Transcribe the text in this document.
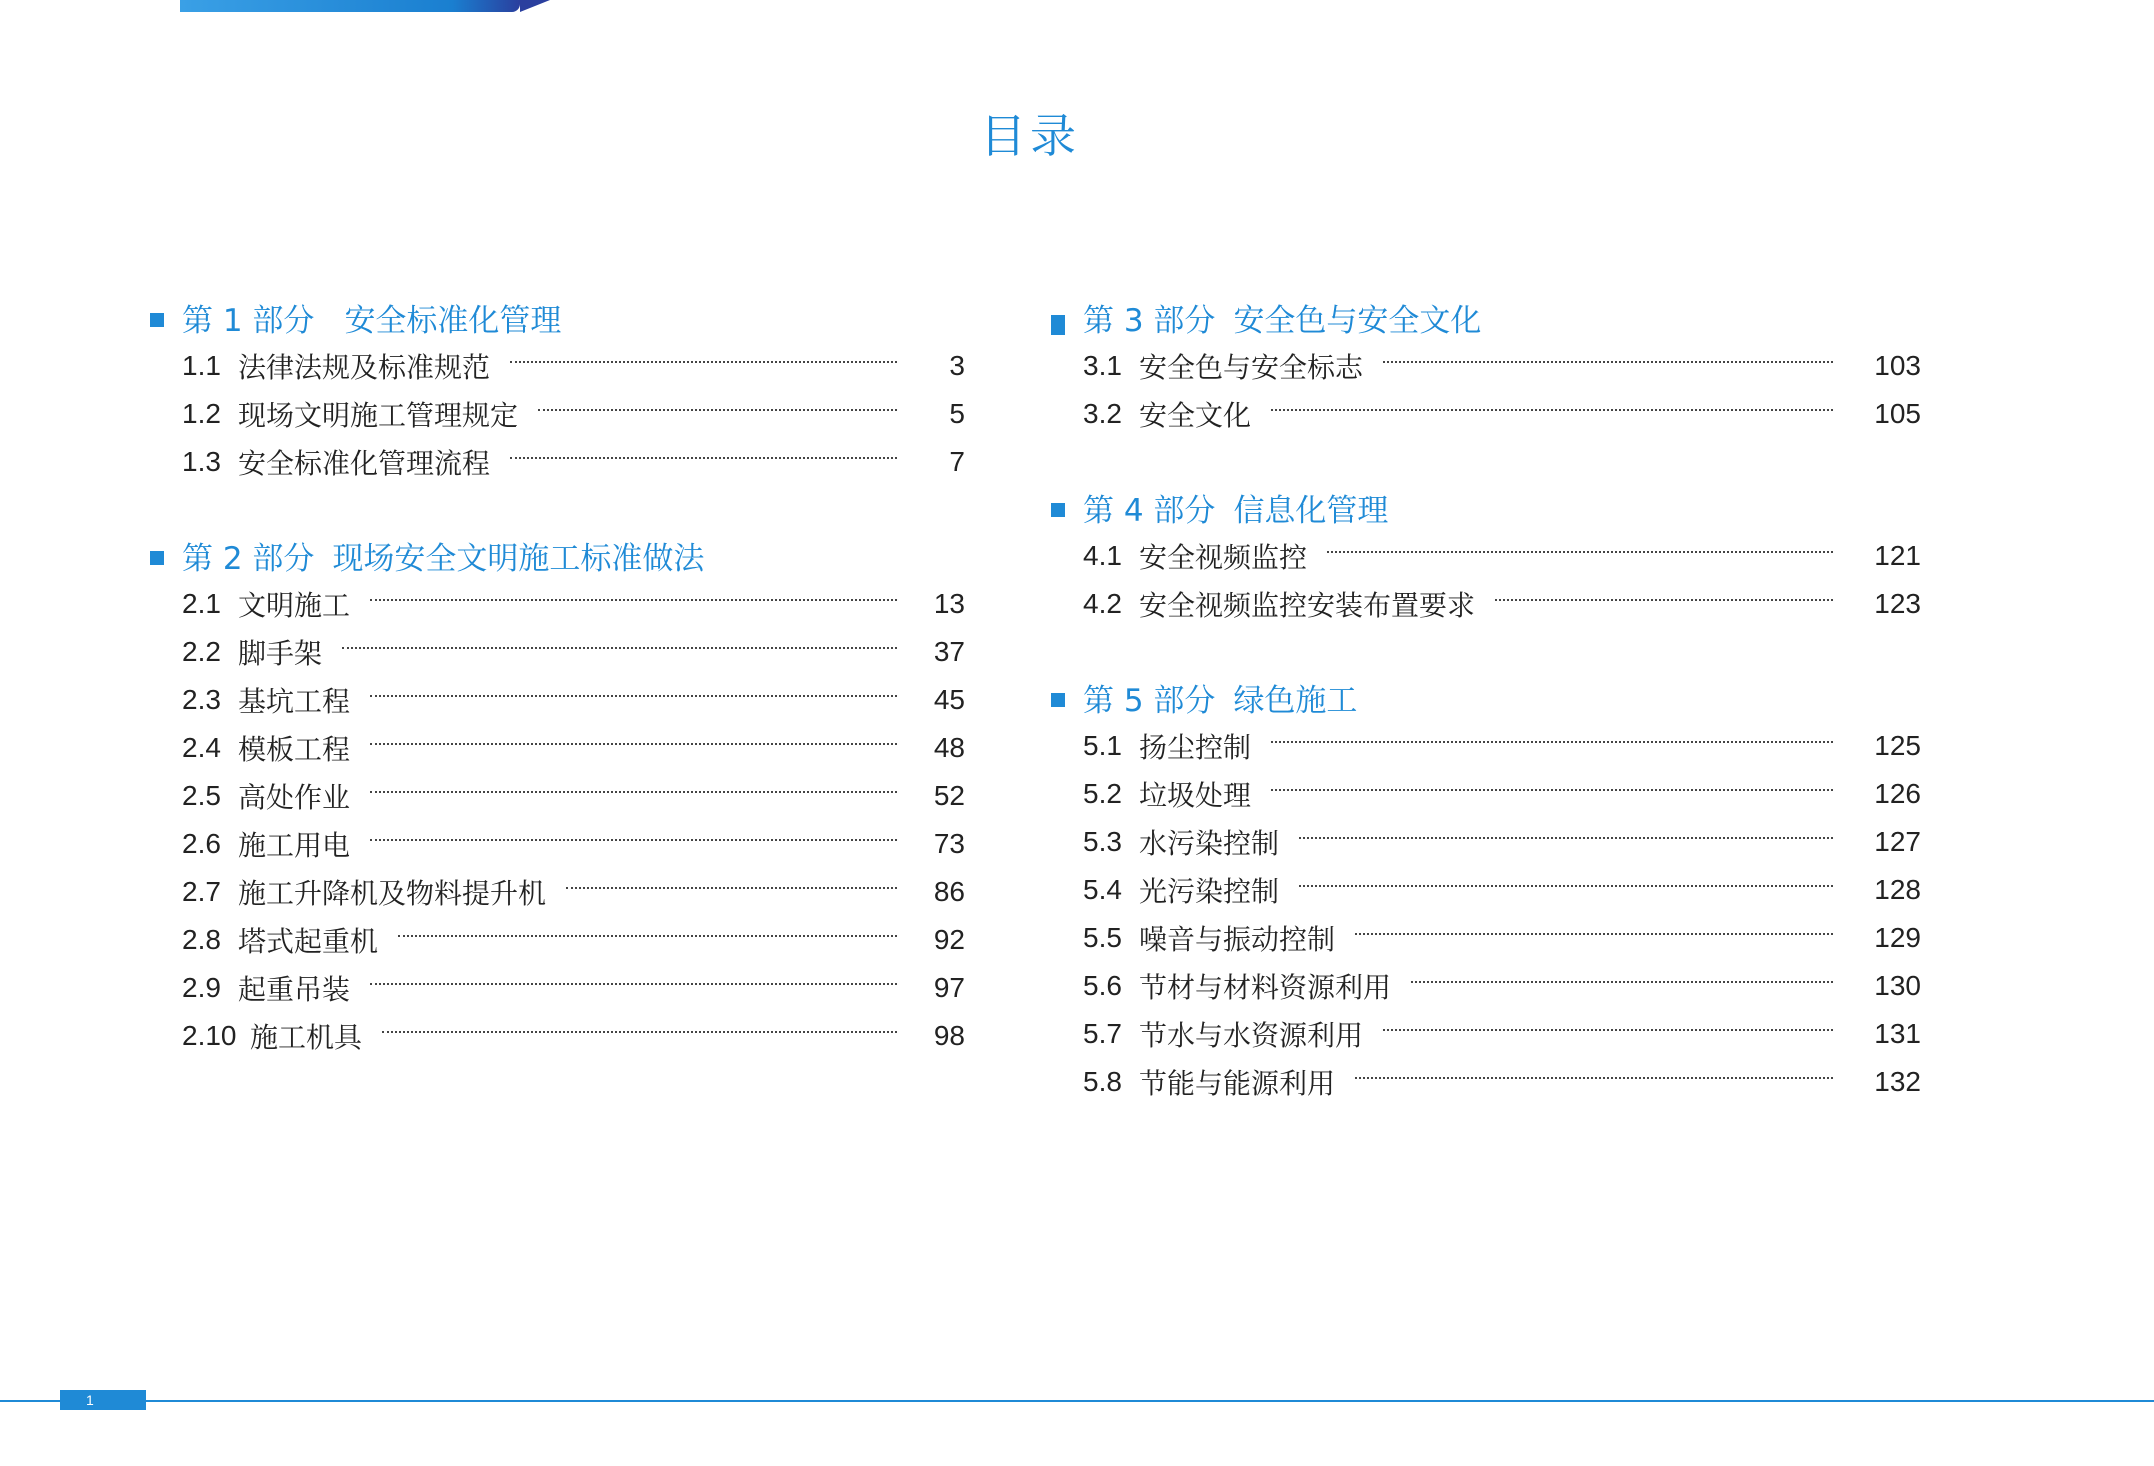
目录
第 1 部分 安全标准化管理
1.1 法律法规及标准规范	3
1.2 现场文明施工管理规定	5
1.3 安全标准化管理流程	7
第 2 部分 现场安全文明施工标准做法
2.1 文明施工	13
2.2 脚手架	37
2.3 基坑工程	45
2.4 模板工程	48
2.5 高处作业	52
2.6 施工用电	73
2.7 施工升降机及物料提升机	86
2.8 塔式起重机	92
2.9 起重吊装	97
2.10 施工机具	98
第 3 部分 安全色与安全文化
3.1 安全色与安全标志	103
3.2 安全文化	105
第 4 部分 信息化管理
4.1 安全视频监控	121
4.2 安全视频监控安装布置要求	123
第 5 部分 绿色施工
5.1 扬尘控制	125
5.2 垃圾处理	126
5.3 水污染控制	127
5.4 光污染控制	128
5.5 噪音与振动控制	129
5.6 节材与材料资源利用	130
5.7 节水与水资源利用	131
5.8 节能与能源利用	132
1
